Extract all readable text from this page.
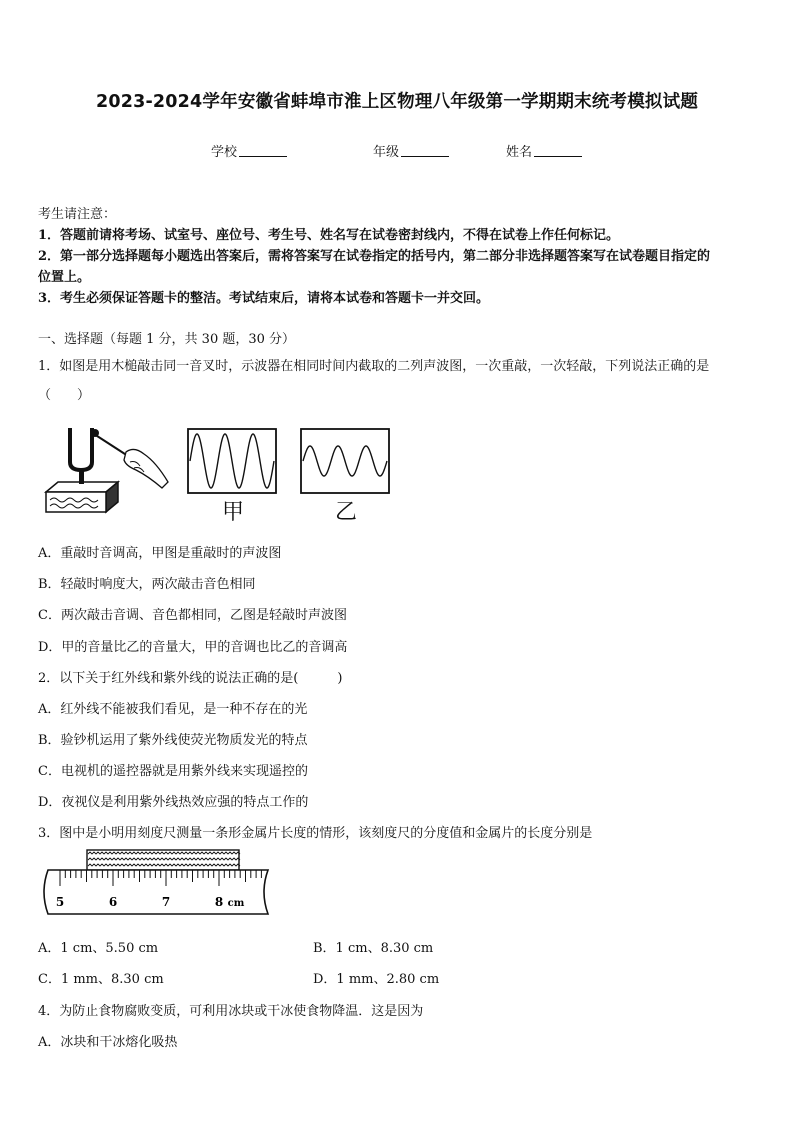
2023-2024学年安徽省蚌埠市淮上区物理八年级第一学期期末统考模拟试题
学校	年级	姓名
考生请注意：
1．答题前请将考场、试室号、座位号、考生号、姓名写在试卷密封线内，不得在试卷上作任何标记。
2．第一部分选择题每小题选出答案后，需将答案写在试卷指定的括号内，第二部分非选择题答案写在试卷题目指定的
位置上。
3．考生必须保证答题卡的整洁。考试结束后，请将本试卷和答题卡一并交回。
一、选择题（每题 1 分，共 30 题，30 分）
1．如图是用木槌敲击同一音叉时，示波器在相同时间内截取的二列声波图，一次重敲，一次轻敲，下列说法正确的是
（　　）
甲	乙
A．重敲时音调高，甲图是重敲时的声波图
B．轻敲时响度大，两次敲击音色相同
C．两次敲击音调、音色都相同，乙图是轻敲时声波图
D．甲的音量比乙的音量大，甲的音调也比乙的音调高
2．以下关于红外线和紫外线的说法正确的是(　　　)
A．红外线不能被我们看见，是一种不存在的光
B．验钞机运用了紫外线使荧光物质发光的特点
C．电视机的遥控器就是用紫外线来实现遥控的
D．夜视仪是利用紫外线热效应强的特点工作的
3．图中是小明用刻度尺测量一条形金属片长度的情形，该刻度尺的分度值和金属片的长度分别是
5	6	7	8 cm
A．1 cm、5.50 cm	B．1 cm、8.30 cm
C．1 mm、8.30 cm	D．1 mm、2.80 cm
4．为防止食物腐败变质，可利用冰块或干冰使食物降温．这是因为
A．冰块和干冰熔化吸热
